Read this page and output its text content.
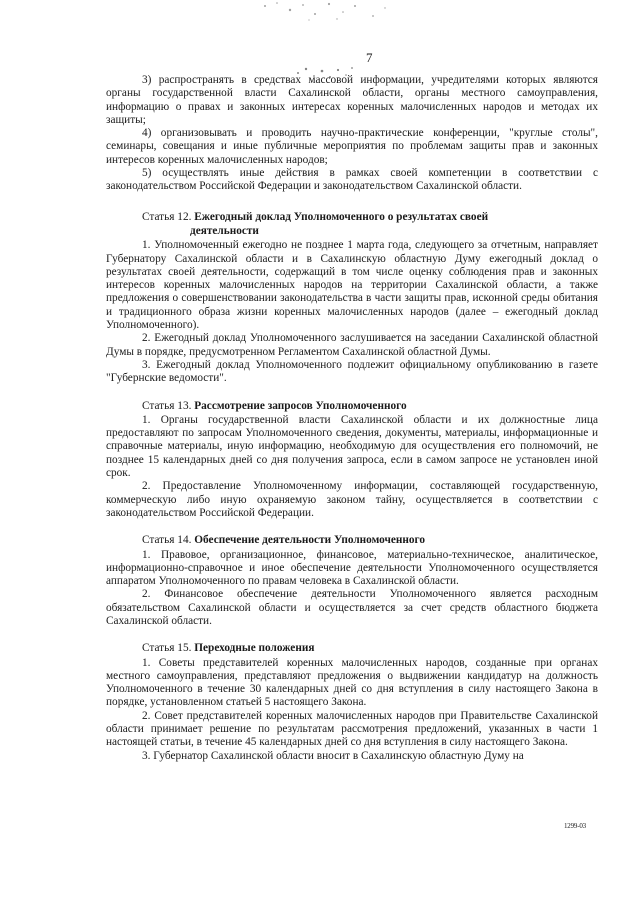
7

3) распространять в средствах массовой информации, учредителями которых являются органы государственной власти Сахалинской области, органы местного самоуправления, информацию о правах и законных интересах коренных малочисленных народов и методах их защиты;

4) организовывать и проводить научно-практические конференции, "круглые столы", семинары, совещания и иные публичные мероприятия по проблемам защиты прав и законных интересов коренных малочисленных народов;

5) осуществлять иные действия в рамках своей компетенции в соответствии с законодательством Российской Федерации и законодательством Сахалинской области.

Статья 12. Ежегодный доклад Уполномоченного о результатах своей
деятельности

1. Уполномоченный ежегодно не позднее 1 марта года, следующего за отчетным, направляет Губернатору Сахалинской области и в Сахалинскую областную Думу ежегодный доклад о результатах своей деятельности, содержащий в том числе оценку соблюдения прав и законных интересов коренных малочисленных народов на территории Сахалинской области, а также предложения о совершенствовании законодательства в части защиты прав, исконной среды обитания и традиционного образа жизни коренных малочисленных народов (далее – ежегодный доклад Уполномоченного).

2. Ежегодный доклад Уполномоченного заслушивается на заседании Сахалинской областной Думы в порядке, предусмотренном Регламентом Сахалинской областной Думы.

3. Ежегодный доклад Уполномоченного подлежит официальному опубликованию в газете "Губернские ведомости".

Статья 13. Рассмотрение запросов Уполномоченного

1. Органы государственной власти Сахалинской области и их должностные лица предоставляют по запросам Уполномоченного сведения, документы, материалы, информационные и справочные материалы, иную информацию, необходимую для осуществления его полномочий, не позднее 15 календарных дней со дня получения запроса, если в самом запросе не установлен иной срок.

2. Предоставление Уполномоченному информации, составляющей государственную, коммерческую либо иную охраняемую законом тайну, осуществляется в соответствии с законодательством Российской Федерации.

Статья 14. Обеспечение деятельности Уполномоченного

1. Правовое, организационное, финансовое, материально-техническое, аналитическое, информационно-справочное и иное обеспечение деятельности Уполномоченного осуществляется аппаратом Уполномоченного по правам человека в Сахалинской области.

2. Финансовое обеспечение деятельности Уполномоченного является расходным обязательством Сахалинской области и осуществляется за счет средств областного бюджета Сахалинской области.

Статья 15. Переходные положения

1. Советы представителей коренных малочисленных народов, созданные при органах местного самоуправления, представляют предложения о выдвижении кандидатур на должность Уполномоченного в течение 30 календарных дней со дня вступления в силу настоящего Закона в порядке, установленном статьей 5 настоящего Закона.

2. Совет представителей коренных малочисленных народов при Правительстве Сахалинской области принимает решение по результатам рассмотрения предложений, указанных в части 1 настоящей статьи, в течение 45 календарных дней со дня вступления в силу настоящего Закона.

3. Губернатор Сахалинской области вносит в Сахалинскую областную Думу на

1299-03
